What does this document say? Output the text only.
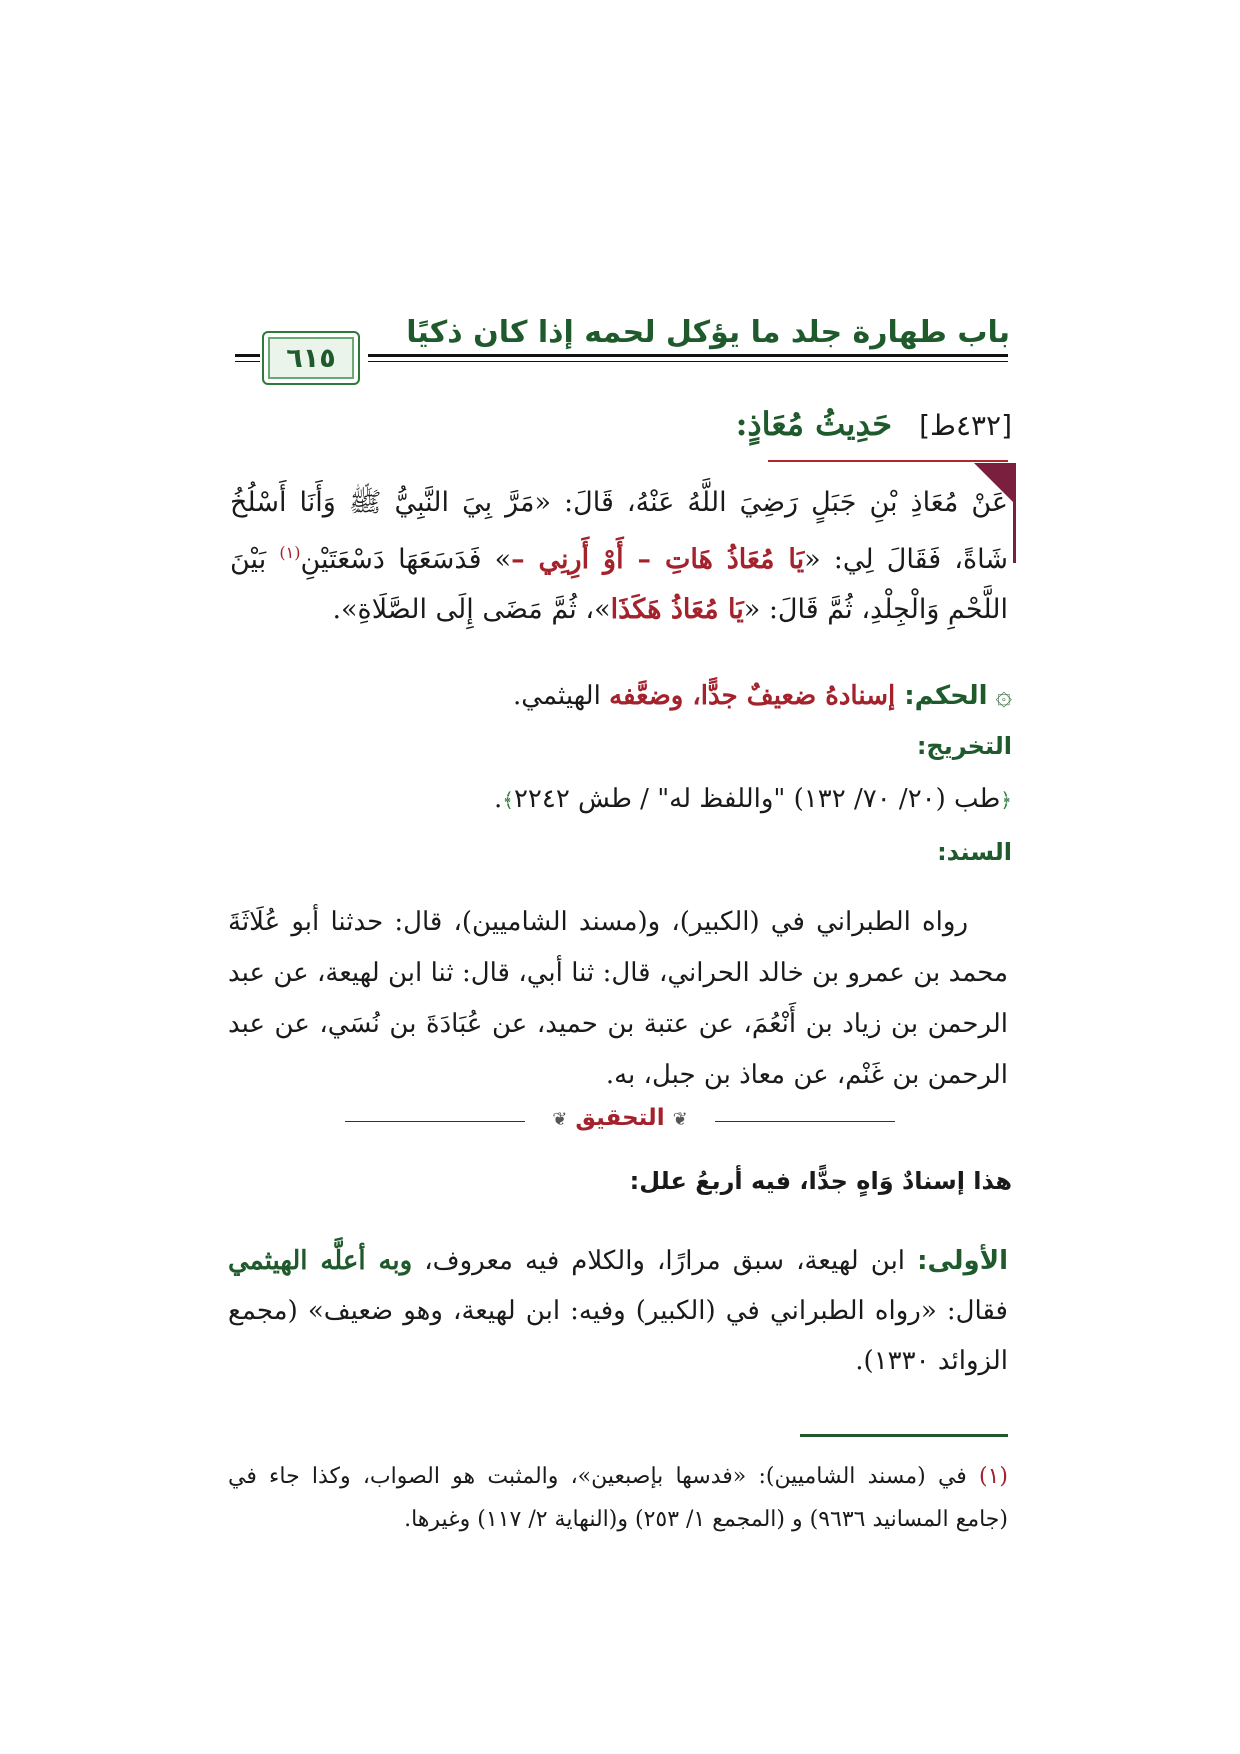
باب طهارة جلد ما يؤكل لحمه إذا كان ذكيًا
٦١٥
[٤٣٢ط] حَدِيثُ مُعَاذٍ:
عَنْ مُعَاذِ بْنِ جَبَلٍ رَضِيَ اللَّهُ عَنْهُ، قَالَ: «مَرَّ بِيَ النَّبِيُّ ﷺ وَأَنَا أَسْلُخُ شَاةً، فَقَالَ لِي: «يَا مُعَاذُ هَاتِ – أَوْ أَرِنِي –» فَدَسَعَهَا دَسْعَتَيْنِ$^{(١)}$ بَيْنَ اللَّحْمِ وَالْجِلْدِ، ثُمَّ قَالَ: «يَا مُعَاذُ هَكَذَا»، ثُمَّ مَضَى إِلَى الصَّلَاةِ».
۞الحكم: إسنادهُ ضعيفٌ جدًّا، وضعَّفه الهيثمي.
التخريج:
﴿طب (٢٠/ ٧٠/ ١٣٢) "واللفظ له" / طش ٢٢٤٢﴾.
السند:
رواه الطبراني في (الكبير)، و(مسند الشاميين)، قال: حدثنا أبو عُلَاثَةَ محمد بن عمرو بن خالد الحراني، قال: ثنا أبي، قال: ثنا ابن لهيعة، عن عبد الرحمن بن زياد بن أَنْعُمَ، عن عتبة بن حميد، عن عُبَادَةَ بن نُسَي، عن عبد الرحمن بن غَنْم، عن معاذ بن جبل، به.
❦ التحقيق ❦
هذا إسنادٌ وَاهٍ جدًّا، فيه أربعُ علل:
الأولى: ابن لهيعة، سبق مرارًا، والكلام فيه معروف، وبه أعلَّه الهيثمي فقال: «رواه الطبراني في (الكبير) وفيه: ابن لهيعة، وهو ضعيف» (مجمع الزوائد ١٣٣٠).
(١) في (مسند الشاميين): «فدسها بإصبعين»، والمثبت هو الصواب، وكذا جاء في (جامع المسانيد ٩٦٣٦) و (المجمع ١/ ٢٥٣) و(النهاية ٢/ ١١٧) وغيرها.
